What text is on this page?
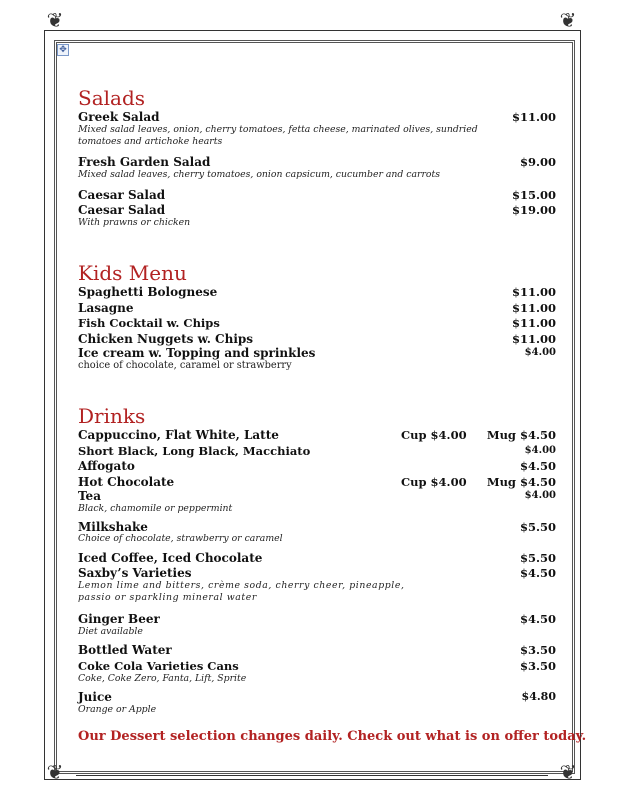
❦	❦
❦	❦
✥
Salads
Greek Salad	$11.00
Mixed salad leaves, onion, cherry tomatoes, fetta cheese, marinated olives, sundried tomatoes and artichoke hearts
Fresh Garden Salad	$9.00
Mixed salad leaves, cherry tomatoes, onion capsicum, cucumber and carrots
Caesar Salad	$15.00
Caesar Salad	$19.00
With prawns or chicken
Kids Menu
Spaghetti Bolognese	$11.00
Lasagne	$11.00
Fish Cocktail w. Chips	$11.00
Chicken Nuggets w. Chips	$11.00
Ice cream w. Topping and sprinkles	$4.00
choice of chocolate, caramel or strawberry
Drinks
Cappuccino, Flat White, Latte	Cup $4.00 Mug $4.50
Short Black, Long Black, Macchiato	$4.00
Affogato	$4.50
Hot Chocolate	Cup $4.00 Mug $4.50
Tea	$4.00
Black, chamomile or peppermint
Milkshake	$5.50
Choice of chocolate, strawberry or caramel
Iced Coffee, Iced Chocolate	$5.50
Saxby’s Varieties	$4.50
Lemon lime and bitters, crème soda, cherry cheer, pineapple, passio or sparkling mineral water
Ginger Beer	$4.50
Diet available
Bottled Water	$3.50
Coke Cola Varieties Cans	$3.50
Coke, Coke Zero, Fanta, Lift, Sprite
Juice	$4.80
Orange or Apple
Our Dessert selection changes daily. Check out what is on offer today.
